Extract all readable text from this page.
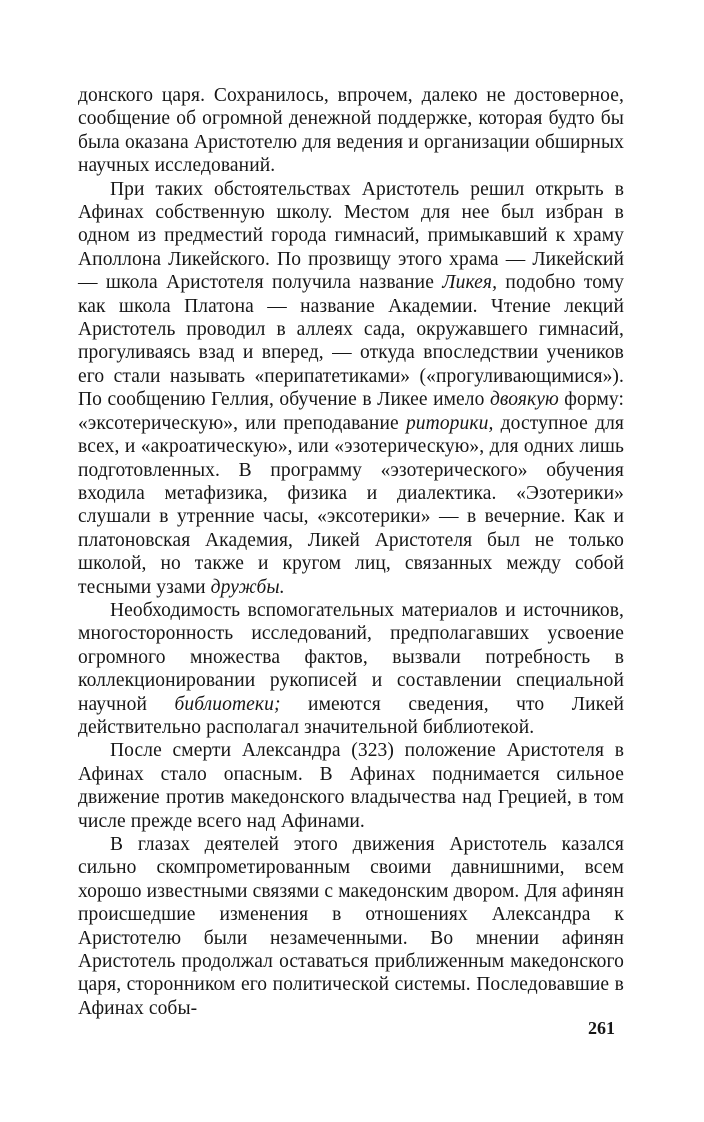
донского царя. Сохранилось, впрочем, далеко не достоверное, сообщение об огромной денежной поддержке, которая будто бы была оказана Аристотелю для ведения и организации обширных научных исследований.

При таких обстоятельствах Аристотель решил открыть в Афинах собственную школу. Местом для нее был избран в одном из предместий города гимнасий, примыкавший к храму Аполлона Ликейского. По прозвищу этого храма — Ликейский — школа Аристотеля получила название Ликея, подобно тому как школа Платона — название Академии. Чтение лекций Аристотель проводил в аллеях сада, окружавшего гимнасий, прогуливаясь взад и вперед, — откуда впоследствии учеников его стали называть «перипатетиками» («прогуливающимися»). По сообщению Геллия, обучение в Ликее имело двоякую форму: «эксотерическую», или преподавание риторики, доступное для всех, и «акроатическую», или «эзотерическую», для одних лишь подготовленных. В программу «эзотерического» обучения входила метафизика, физика и диалектика. «Эзотерики» слушали в утренние часы, «эксотерики» — в вечерние. Как и платоновская Академия, Ликей Аристотеля был не только школой, но также и кругом лиц, связанных между собой тесными узами дружбы.

Необходимость вспомогательных материалов и источников, многосторонность исследований, предполагавших усвоение огромного множества фактов, вызвали потребность в коллекционировании рукописей и составлении специальной научной библиотеки; имеются сведения, что Ликей действительно располагал значительной библиотекой.

После смерти Александра (323) положение Аристотеля в Афинах стало опасным. В Афинах поднимается сильное движение против македонского владычества над Грецией, в том числе прежде всего над Афинами.

В глазах деятелей этого движения Аристотель казался сильно скомпрометированным своими давнишними, всем хорошо известными связями с македонским двором. Для афинян происшедшие изменения в отношениях Александра к Аристотелю были незамеченными. Во мнении афинян Аристотель продолжал оставаться приближенным македонского царя, сторонником его политической системы. Последовавшие в Афинах собы-

261
